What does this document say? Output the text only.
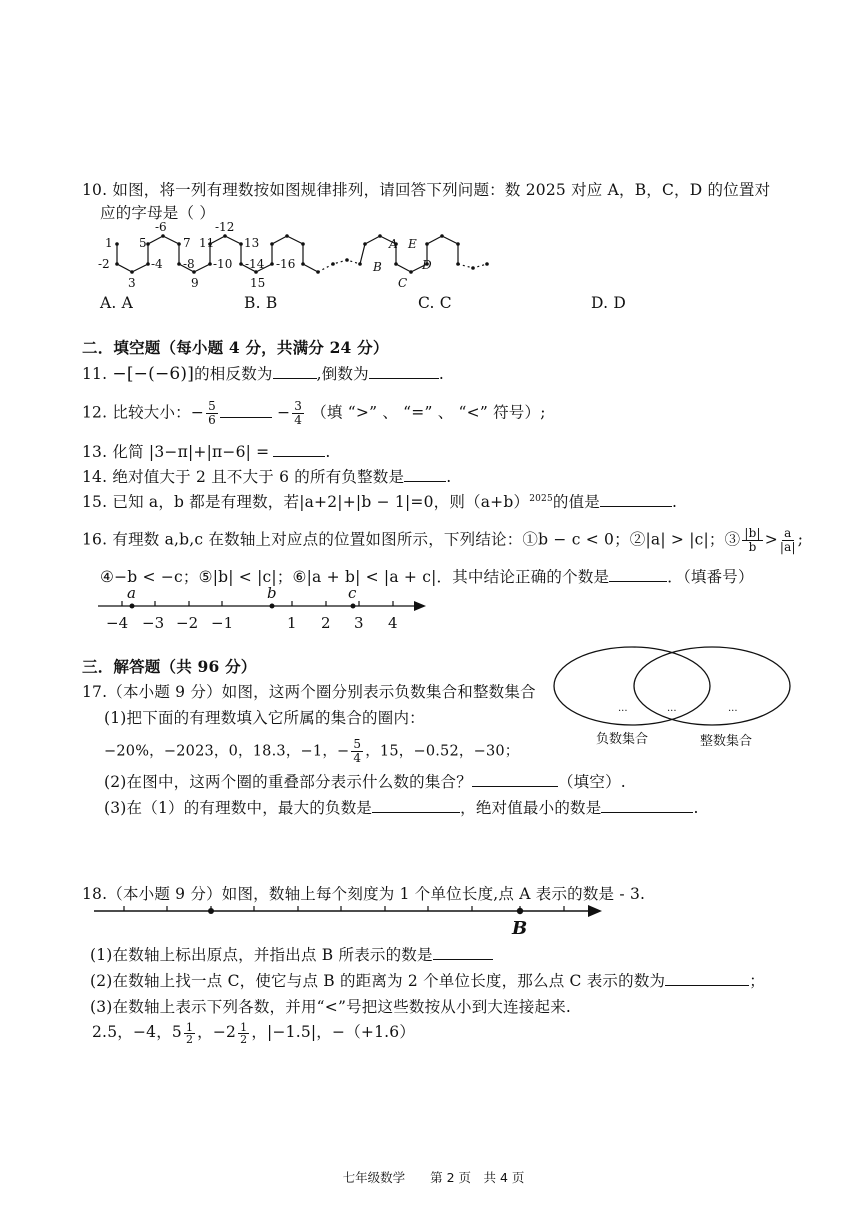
10. 如图，将一列有理数按如图规律排列，请回答下列问题：数 2025 对应 A，B，C，D 的位置对
应的字母是（ ）
1
-2
3
-4
5
-6
7
-8
9
-10
11
-12
13
-14
15
-16
A
B
C
D
E
A. A	B. B	C. C	D. D
二．填空题（每小题 4 分，共满分 24 分）
11. −[−(−6)]的相反数为	,倒数为	.
12. 比较大小：− $\frac{5}{6}$	− $\frac{3}{4}$ （填 “>” 、 “=” 、 “<” 符号）;
13. 化简 |3−π|+|π−6| =	.
14. 绝对值大于 2 且不大于 6 的所有负整数是	.
15. 已知 a，b 都是有理数，若|a+2|+|b − 1|=0，则$(a+b)^{2025}$的值是	.
16. 有理数 a,b,c 在数轴上对应点的位置如图所示，下列结论：①b − c < 0；②|a| > |c|；③ $\frac{|b|}{b} > \frac{a}{|a|}$ ;
④−b < −c；⑤|b| < |c|；⑥|a + b| < |a + c|．其中结论正确的个数是	．（填番号）
a	b	c
−4 −3 −2 −1	1 2 3 4
三．解答题（共 96 分）
17.（本小题 9 分）如图，这两个圈分别表示负数集合和整数集合
(1)把下面的有理数填入它所属的集合的圈内：
−20%，−2023，0，18.3，−1，− $\frac{5}{4}$ ，15，−0.52，−30；
(2)在图中，这两个圈的重叠部分表示什么数的集合？	（填空）.
(3)在（1）的有理数中，最大的负数是	，绝对值最小的数是	.
...	...	...
负数集合	整数集合
18.（本小题 9 分）如图，数轴上每个刻度为 1 个单位长度,点 A 表示的数是 - 3.
B
(1)在数轴上标出原点，并指出点 B 所表示的数是
(2)在数轴上找一点 C，使它与点 B 的距离为 2 个单位长度，那么点 C 表示的数为	；
(3)在数轴上表示下列各数，并用“<”号把这些数按从小到大连接起来.
2.5，−4，$5 \frac{1}{2}$ ，$-2 \frac{1}{2}$ ，|−1.5|，−（+1.6）
七年级数学　　第 2 页　共 4 页
